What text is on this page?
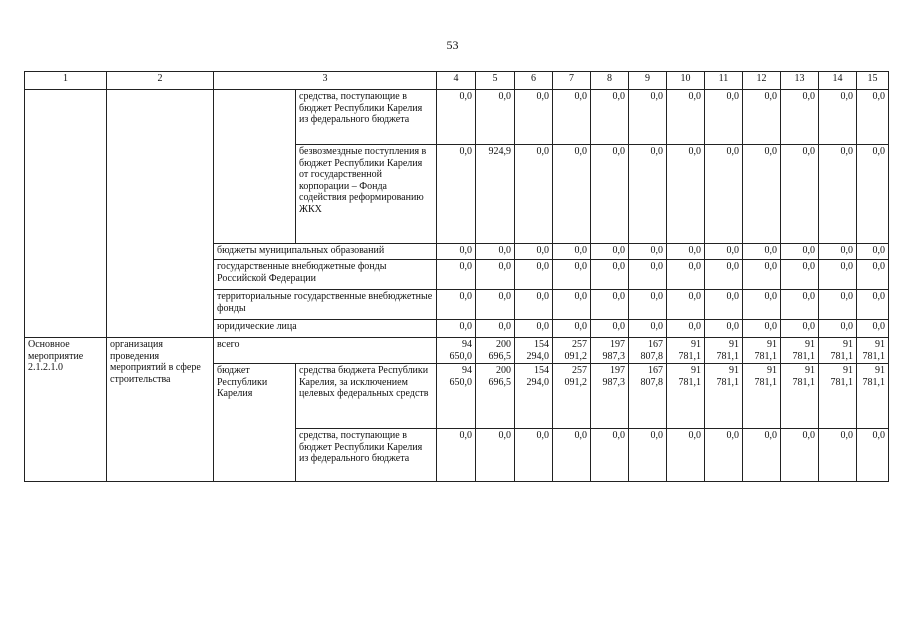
53
1	2	3		4	5	6	7	8	9	10	11	12	13	14	15
			средства, поступающие в бюджет Республики Карелия из федерального бюджета	0,0	0,0	0,0	0,0	0,0	0,0	0,0	0,0	0,0	0,0	0,0	0,0
			безвозмездные поступления в бюджет Республики Карелия от государственной корпорации – Фонда содействия реформированию ЖКХ	0,0	924,9	0,0	0,0	0,0	0,0	0,0	0,0	0,0	0,0	0,0	0,0
		бюджеты муниципальных образований		0,0	0,0	0,0	0,0	0,0	0,0	0,0	0,0	0,0	0,0	0,0	0,0
		государственные внебюджетные фонды Российской Федерации		0,0	0,0	0,0	0,0	0,0	0,0	0,0	0,0	0,0	0,0	0,0	0,0
		территориальные государственные внебюджетные фонды		0,0	0,0	0,0	0,0	0,0	0,0	0,0	0,0	0,0	0,0	0,0	0,0
		юридические лица		0,0	0,0	0,0	0,0	0,0	0,0	0,0	0,0	0,0	0,0	0,0	0,0
Основное мероприятие 2.1.2.1.0	организация проведения мероприятий в сфере строительства	всего		94 650,0	200 696,5	154 294,0	257 091,2	197 987,3	167 807,8	91 781,1	91 781,1	91 781,1	91 781,1	91 781,1	91 781,1
		бюджет Республики Карелия	средства бюджета Республики Карелия, за исключением целевых федеральных средств	94 650,0	200 696,5	154 294,0	257 091,2	197 987,3	167 807,8	91 781,1	91 781,1	91 781,1	91 781,1	91 781,1	91 781,1
			средства, поступающие в бюджет Республики Карелия из федерального бюджета	0,0	0,0	0,0	0,0	0,0	0,0	0,0	0,0	0,0	0,0	0,0	0,0
